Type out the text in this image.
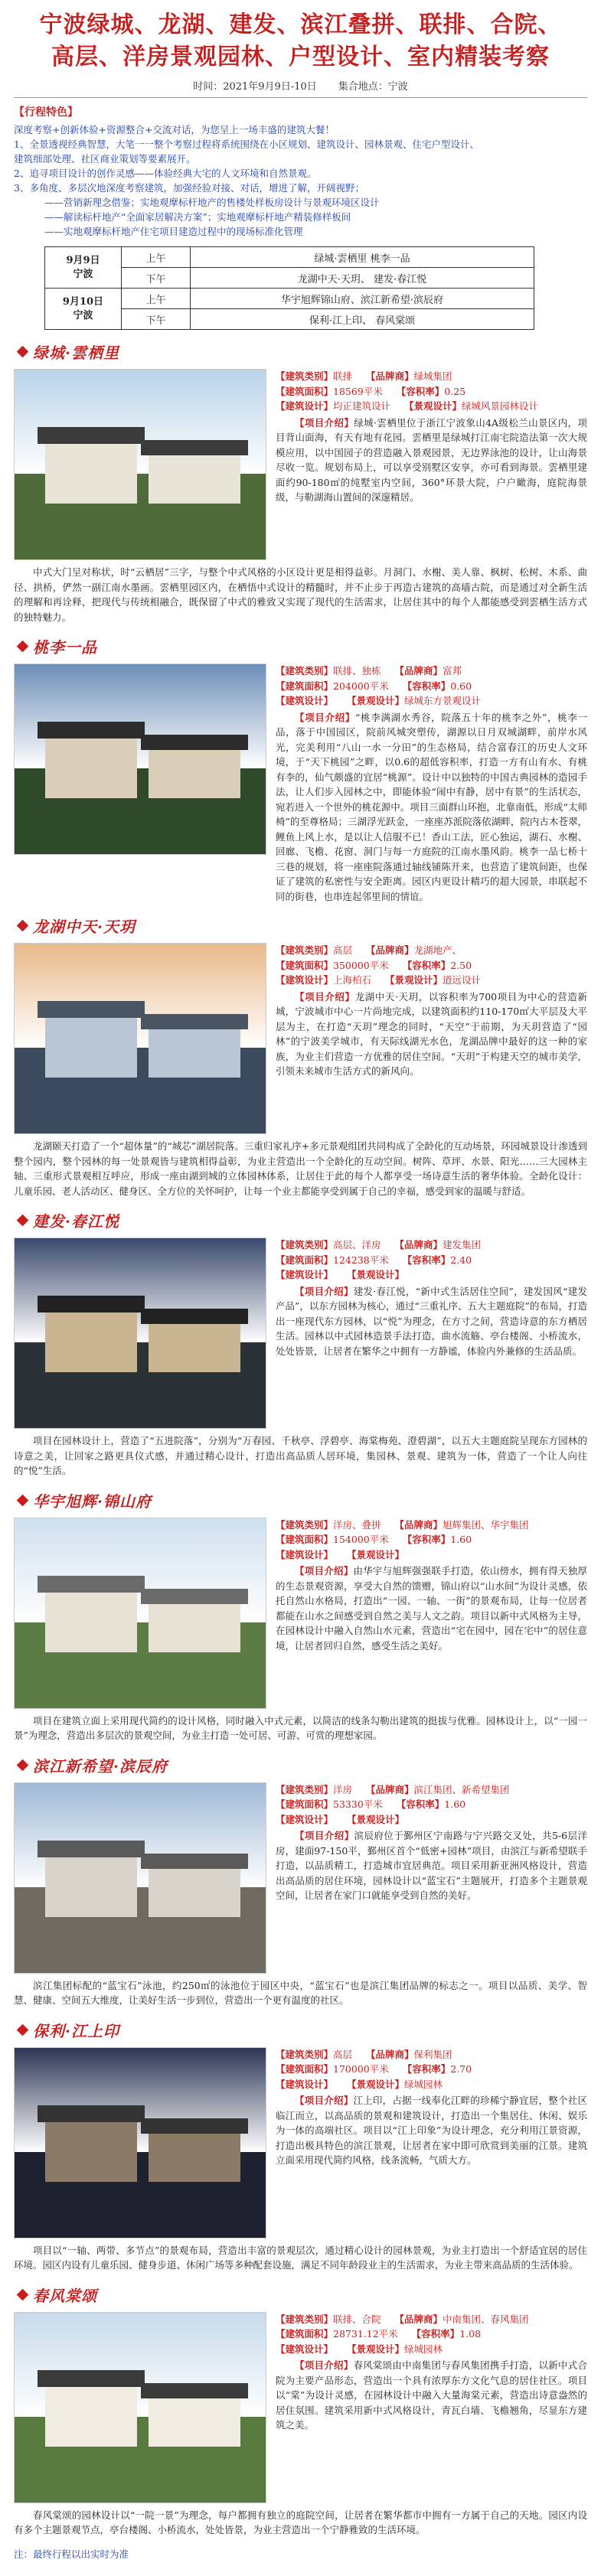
宁波绿城、龙湖、建发、滨江叠拼、联排、合院、
高层、洋房景观园林、户型设计、室内精装考察
时间：2021年9月9日-10日 集合地点：宁波
【行程特色】
深度考察+创新体验+资源整合+交流对话，为您呈上一场丰盛的建筑大餐！
1、全景透视经典智慧，大笔一一整个考察过程将系统围绕在小区规划、建筑设计、园林景观、住宅户型设计、
建筑细部处理、社区商业策划等要素展开。
2、追寻项目设计的创作灵感——体验经典大宅的人文环境和自然景观。
3、多角度、多层次地深度考察建筑，加强经验对接、对话，增进了解，开阔视野；
——营销新理念借鉴；实地观摩标杆地产的售楼处样板房设计与景观环境区设计
——解读标杆地产“全面家居解决方案”；实地观摩标杆地产精装修样板间
——实地观摩标杆地产住宅项目建造过程中的现场标准化管理
9月9日
宁波	上午	绿城·雲栖里 桃李一品
	下午	龙湖中天·天玥、 建发·春江悦
9月10日
宁波	上午	华宇旭辉锦山府、滨江新希望·滨辰府
	下午	保利·江上印、 春风棠颂
绿城·雲栖里
【建筑类别】联排 【品牌商】绿城集团
【建筑面积】18569平米 【容积率】0.25
【建筑设计】均正建筑设计 【景观设计】绿城风景园林设计
【项目介绍】绿城·雲栖里位于浙江宁波象山4A级松兰山景区内，项目背山面海，有天有地有花园。雲栖里是绿城打江南宅院造法第一次大规模应用，以中国园子的营造融入景观园景，无边界泳池的设计，让山海景尽收一览。规划布局上，可以享受别墅区安享，亦可看到海景。雲栖里建面约90-180㎡的纯墅室内空间，360°环景大院，户户瞰海，庭院海景级，与勒湖海山置间的深邃精居。
中式大门呈对称状，时“云栖居”三字，与整个中式风格的小区设计更是相得益彰。月洞门、水榭、美人靠、枫树、松树、木系、曲径、拱桥，俨然一副江南水墨画。雲栖里园区内，在栖悟中式设计的精髓时，并不止步于再造古建筑的高墙古院，而是通过对全新生活的理解和再诠释，把现代与传统相融合，既保留了中式的雅致又实现了现代的生活需求，让居住其中的每个人都能感受到雲栖生活方式的独特魅力。
桃李一品
【建筑类别】联排、独栋 【品牌商】富邦
【建筑面积】204000平米 【容积率】0.60
【建筑设计】 【景观设计】绿城东方景观设计
【项目介绍】“桃李满湖水秀谷，院落五十年的桃李之外”，桃李一品，落于中国园区，院前风城突塑传，湖源以日月双城湖畔，前岸水风光，完美利用“八山一水一分田”的生态格局，结合富春江的历史人文环境，于“天下桃园”之畔，以0.6的超低容积率，打造一方有山有水、有桃有李的，仙气颇盛的宜居“桃源”。设计中以独特的中国古典园林的造园手法，让人们步入园林之中，即能体验“闹中有静，居中有景”的生活状态，宛若进入一个世外的桃花源中。项目三面群山环抱，北靠南低，形成“太师椅”的至尊格局；三湖浮光跃金，一座座苏派院落依湖畔，院内古木苍翠，鲤鱼上风上水，是以让人信服不已！香山工法，匠心独运，湖石、水榭、回廊、飞檐、花窗、洞门与每一方庭院的江南水墨风韵。桃李一品七桥十三巷的规划，将一座座院落通过轴线铺陈开来，也营造了建筑间距，也保证了建筑的私密性与安全距离。园区内更设计精巧的超大园景，串联起不同的街巷，也串连起邻里间的情谊。
龙湖中天·天玥
【建筑类别】高层 【品牌商】龙湖地产、
【建筑面积】350000平米 【容积率】2.50
【建筑设计】上海柏石 【景观设计】道远设计
【项目介绍】龙湖中天·天玥，以容积率为700项目为中心的营造新城，宁波城市中心一片尚地完成，以建筑面积约110-170㎡大平层及大平层为主，在打造“天玥”理念的同时，“天空”于前期，为天玥营造了“园林”的宁波美学城市，有天际线湖光水色，龙湖品牌中最好的这一种的家族，为业主们营造一方优雅的居住空间。“天玥”于构建天空的城市美学，引领未来城市生活方式的新风向。
龙湖颐天打造了一个“超体量”的“城芯”湖居院落。三重归家礼序+多元景观组团共同构成了全龄化的互动场景，环园城景设计渗透到整个园内，整个园林的每一处景观皆与建筑相得益彰，为业主营造出一个全龄化的互动空间。树阵、草坪、水景、阳光……三大园林主轴、三重形式景观相互呼应，形成一座由湖到城的立体园林体系，让居住于此的每个人都享受一场诗意生活的奢华体验。全龄化设计：儿童乐园、老人活动区、健身区、全方位的关怀呵护，让每一个业主都能享受到属于自己的幸福，感受到家的温暖与舒适。
建发·春江悦
【建筑类别】高层、洋房 【品牌商】建发集团
【建筑面积】124238平米 【容积率】2.40
【建筑设计】 【景观设计】
【项目介绍】建发·春江悦，“新中式生活居住空间”，建发国风“建发产品”，以东方园林为核心，通过“三重礼序、五大主题庭院”的布局，打造出一座现代东方园林，以“悦”为理念，在方寸之间，营造诗意的东方栖居生活。园林以中式园林造景手法打造，曲水流觞、亭台楼阁、小桥流水，处处皆景，让居者在繁华之中拥有一方静谧，体验内外兼修的生活品质。
项目在园林设计上，营造了“五进院落”，分别为“万春园、千秋亭、浮碧亭、海棠梅苑、澄碧湖”，以五大主题庭院呈现东方园林的诗意之美，让回家之路更具仪式感，并通过精心设计，打造出高品质人居环境，集园林、景观、建筑为一体，营造了一个让人向往的“悦”生活。
华宇旭辉·锦山府
【建筑类别】洋房、叠拼 【品牌商】旭辉集团、华宇集团
【建筑面积】154000平米 【容积率】1.60
【建筑设计】 【景观设计】
【项目介绍】由华宇与旭辉强强联手打造，依山傍水，拥有得天独厚的生态景观资源，享受大自然的馈赠，锦山府以“山水间”为设计灵感，依托自然山水格局，打造出“一园、一轴、一街”的景观布局，让每一位居者都能在山水之间感受到自然之美与人文之韵。项目以新中式风格为主导，在园林设计中融入自然山水元素，营造出“宅在园中，园在宅中”的居住意境，让居者回归自然，感受生活之美好。
项目在建筑立面上采用现代简约的设计风格，同时融入中式元素，以简洁的线条勾勒出建筑的挺拔与优雅。园林设计上，以“一园一景”为理念，营造出多层次的景观空间，为业主打造一处可居、可游、可赏的理想家园。
滨江新希望·滨辰府
【建筑类别】洋房 【品牌商】滨江集团、新希望集团
【建筑面积】53330平米 【容积率】1.60
【建筑设计】 【景观设计】
【项目介绍】滨辰府位于鄞州区宁南路与宁兴路交叉处，共5-6层洋房，建面97-150平，鄞州区首个“低密+园林”项目，由滨江与新希望联手打造，以品质精工，打造城市宜居典范。项目采用新亚洲风格设计，营造出高品质的居住环境，园林设计以“蓝宝石”主题展开，打造多个主题景观空间，让居者在家门口就能享受到自然的美好。
滨江集团标配的“蓝宝石”泳池，约250㎡的泳池位于园区中央，“蓝宝石”也是滨江集团品牌的标志之一。项目以品质、美学、智慧、健康、空间五大维度，让美好生活一步到位，营造出一个更有温度的社区。
保利·江上印
【建筑类别】高层 【品牌商】保利集团
【建筑面积】170000平米 【容积率】2.70
【建筑设计】 【景观设计】绿城园林
【项目介绍】江上印，占据一线奉化江畔的珍稀宁静宜居，整个社区临江而立，以高品质的景观和建筑设计，打造出一个集居住、休闲、娱乐为一体的高端社区。项目以“江上印象”为设计理念，充分利用江景资源，打造出极具特色的滨江景观，让居者在家中即可欣赏到美丽的江景。建筑立面采用现代简约风格，线条流畅，气质大方。
项目以“一轴、两带、多节点”的景观布局，营造出丰富的景观层次，通过精心设计的园林景观，为业主打造出一个舒适宜居的居住环境。园区内设有儿童乐园、健身步道、休闲广场等多种配套设施，满足不同年龄段业主的生活需求，为业主带来高品质的生活体验。
春风棠颂
【建筑类别】联排、合院 【品牌商】中南集团、春风集团
【建筑面积】28731.12平米 【容积率】1.08
【建筑设计】 【景观设计】绿城园林
【项目介绍】春风棠颂由中南集团与春风集团携手打造，以新中式合院为主要产品形态，营造出一个具有浓厚东方文化气息的居住社区。项目以“棠”为设计灵感，在园林设计中融入大量海棠元素，营造出诗意盎然的居住氛围。建筑采用新中式风格设计，青瓦白墙、飞檐翘角，尽显东方建筑之美。
春风棠颂的园林设计以“一院一景”为理念，每户都拥有独立的庭院空间，让居者在繁华都市中拥有一方属于自己的天地。园区内设有多个主题景观节点，亭台楼阁、小桥流水，处处皆景，为业主营造出一个宁静雅致的生活环境。
注：最终行程以出实时为准
